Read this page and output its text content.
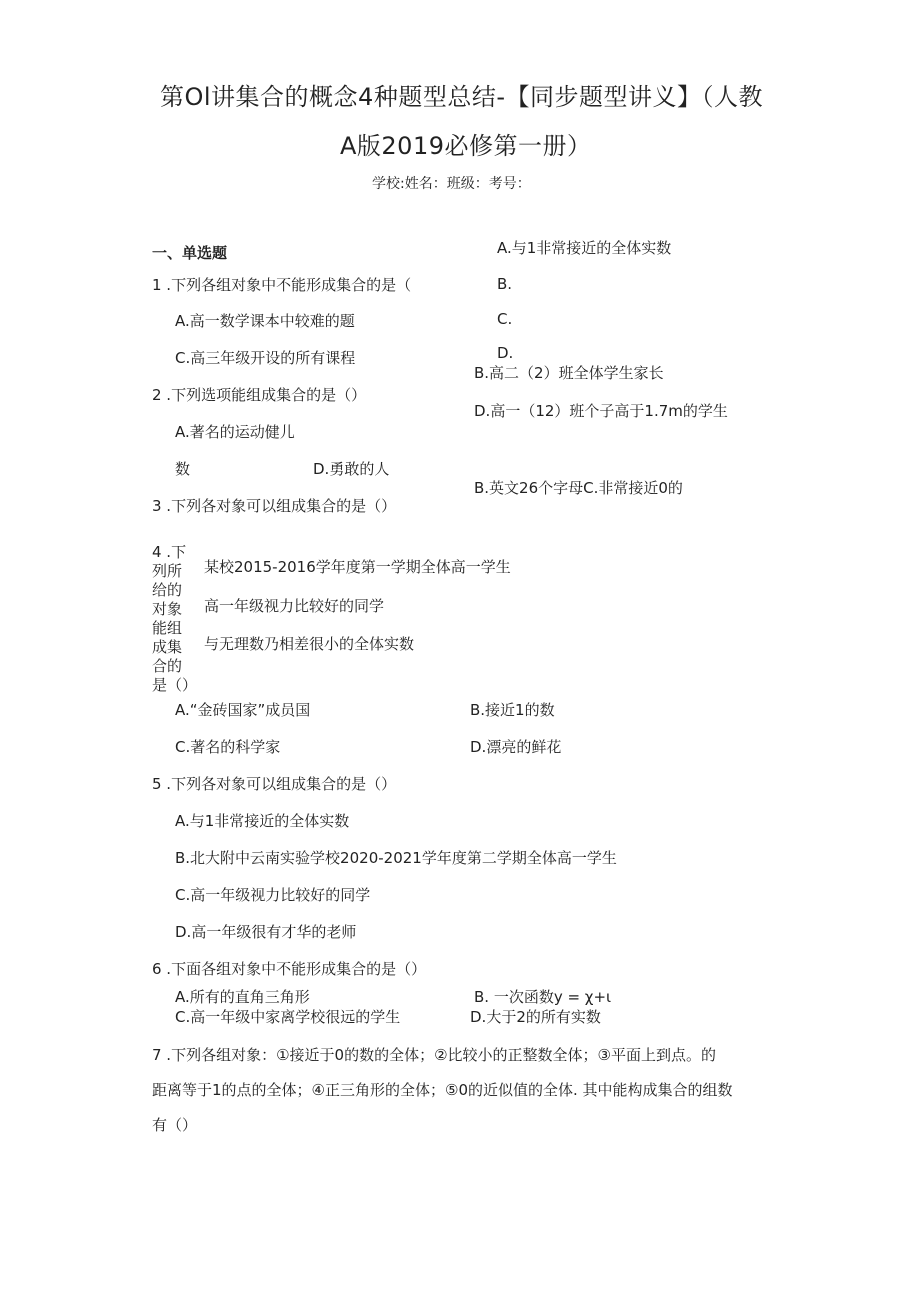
第Ol讲集合的概念4种题型总结-【同步题型讲义】（人教
A版2019必修第一册）
学校:姓名：班级：考号：
一、单选题	A.与1非常接近的全体实数
B.
C.
D.
1 .下列各组对象中不能形成集合的是（
A.高一数学课本中较难的题
C.高三年级开设的所有课程
B.高二（2）班全体学生家长
D.高一（12）班个子高于1.7m的学生
2 .下列选项能组成集合的是（）
A.著名的运动健儿
数	D.勇敢的人
B.英文26个字母C.非常接近0的
3 .下列各对象可以组成集合的是（）
4 .下列所给的对象能组成集合的是（）
某校2015-2016学年度第一学期全体高一学生
高一年级视力比较好的同学
与无理数乃相差很小的全体实数
A.“金砖国家”成员国	B.接近1的数
C.著名的科学家	D.漂亮的鲜花
5 .下列各对象可以组成集合的是（）
A.与1非常接近的全体实数
B.北大附中云南实验学校2020-2021学年度第二学期全体高一学生
C.高一年级视力比较好的同学
D.高一年级很有才华的老师
6 .下面各组对象中不能形成集合的是（）
A.所有的直角三角形	B. 一次函数y = χ+ι
C.高一年级中家离学校很远的学生	D.大于2的所有实数
7 .下列各组对象：①接近于0的数的全体；②比较小的正整数全体；③平面上到点。的
距离等于1的点的全体；④正三角形的全体；⑤0的近似值的全体. 其中能构成集合的组数
有（）
